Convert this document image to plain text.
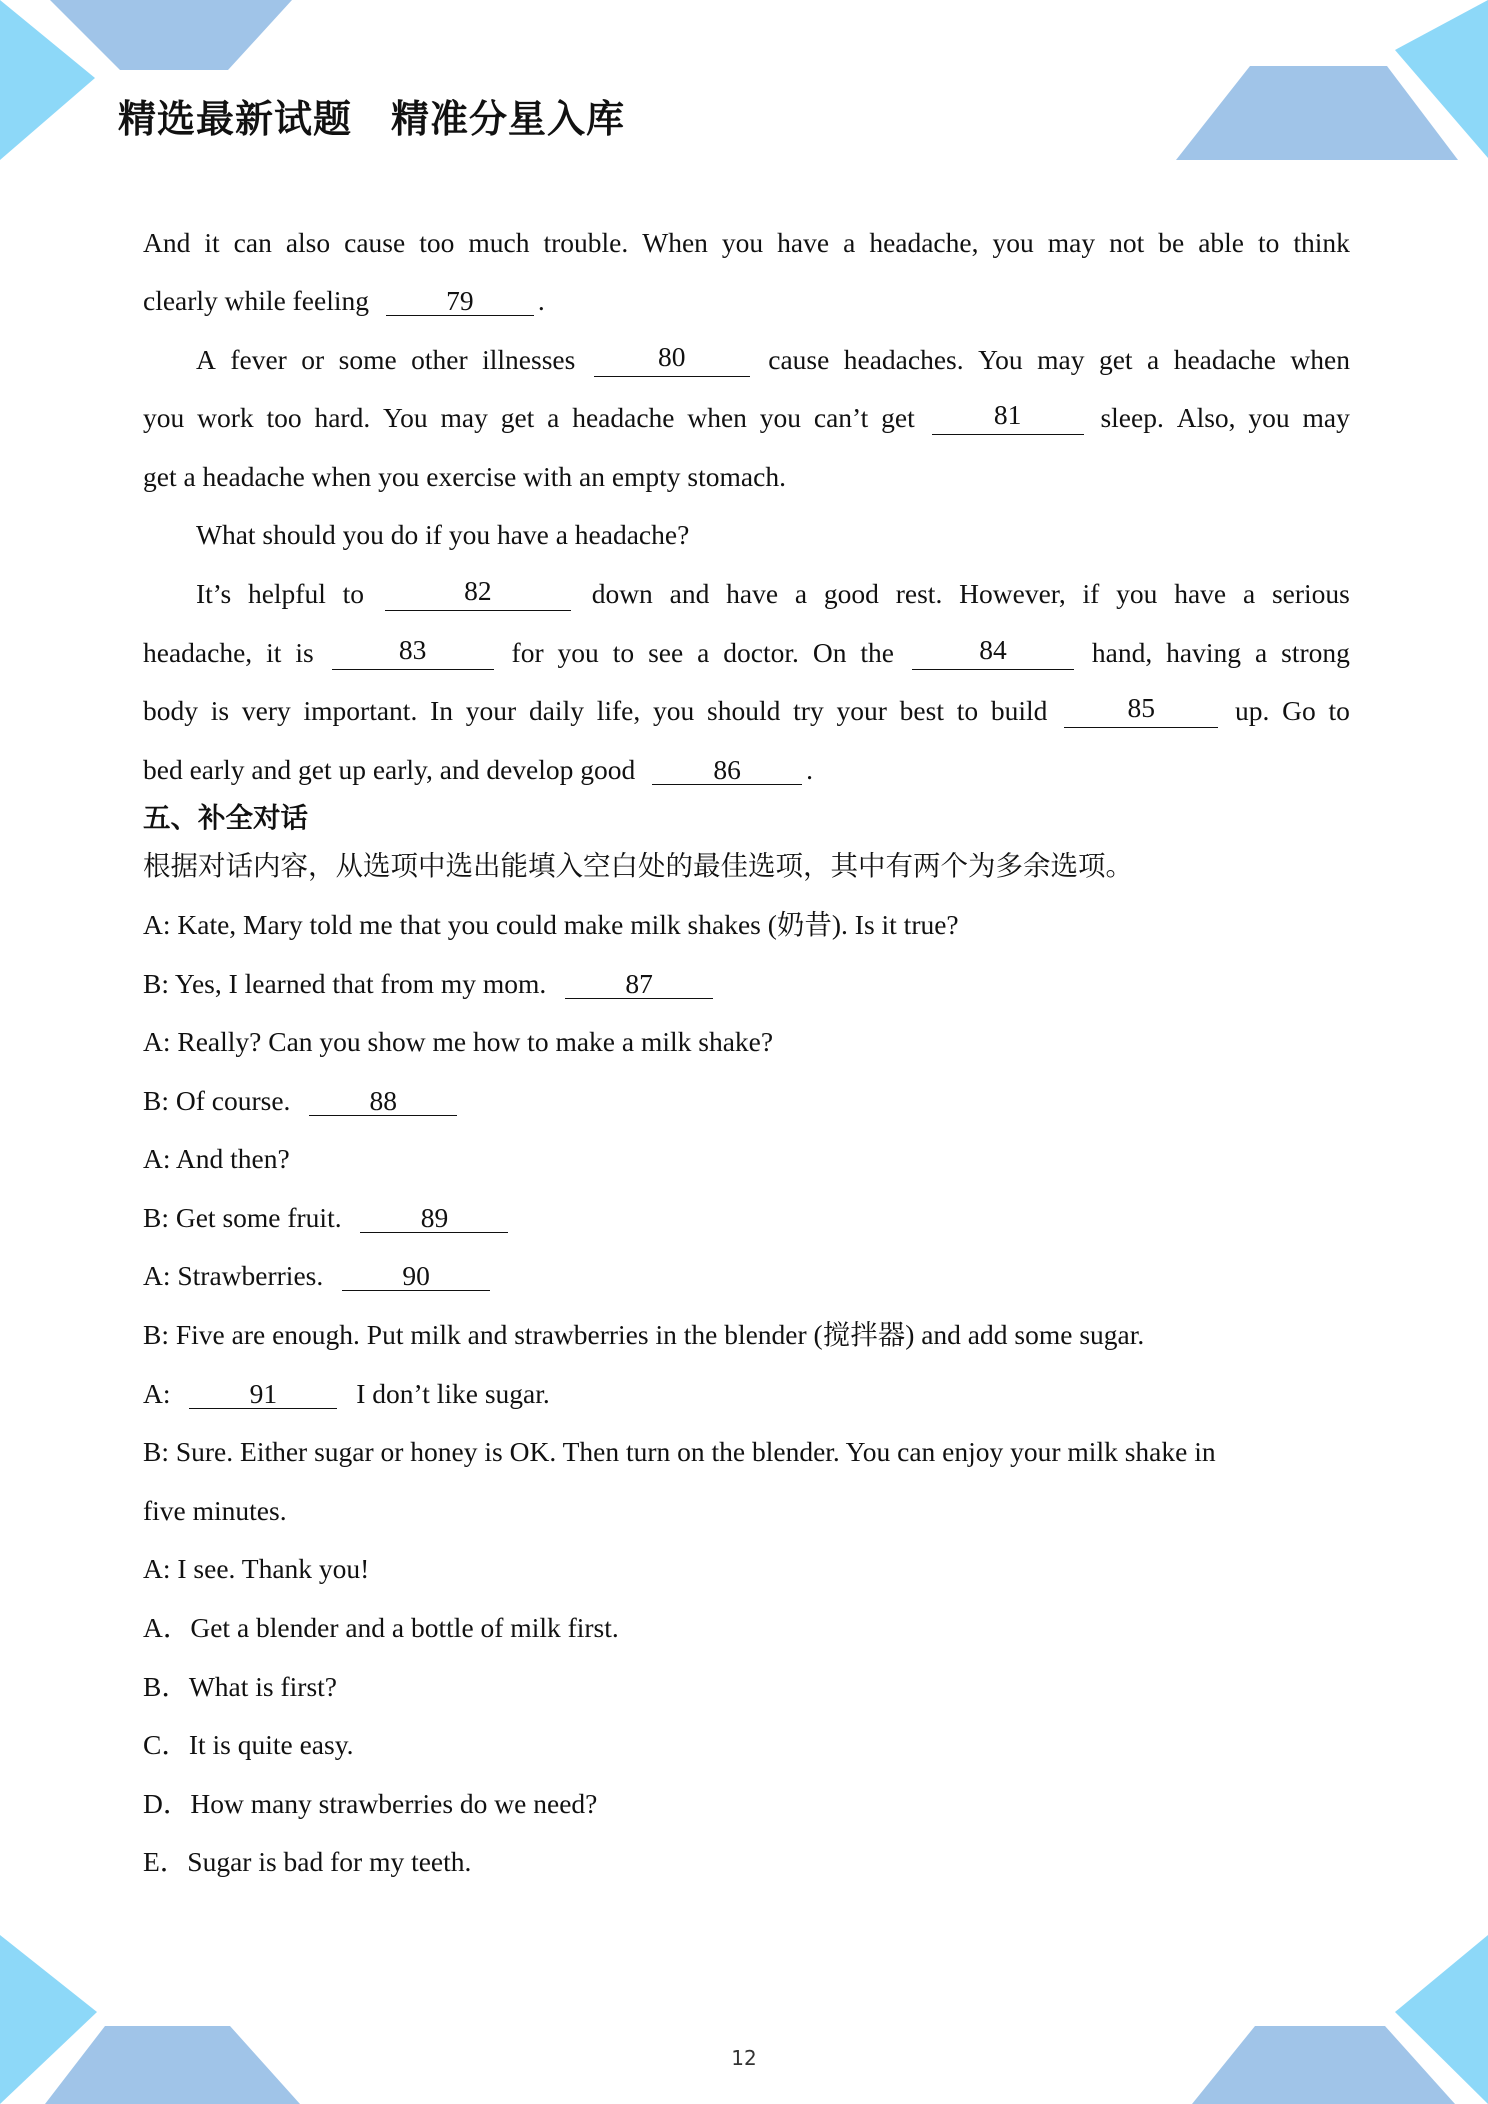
精选最新试题　精准分星入库
And it can also cause too much trouble. When you have a headache, you may not be able to think
clearly while feeling	79 .
A fever or some other illnesses	80	cause headaches. You may get a headache when
you work too hard. You may get a headache when you can’t get	81	sleep. Also, you may
get a headache when you exercise with an empty stomach.
What should you do if you have a headache?
It’s helpful to	82	down and have a good rest. However, if you have a serious
headache, it is	83	for you to see a doctor. On the	84	hand, having a strong
body is very important. In your daily life, you should try your best to build	85	up. Go to
bed early and get up early, and develop good	86 .
五、补全对话
根据对话内容，从选项中选出能填入空白处的最佳选项，其中有两个为多余选项。
A: Kate, Mary told me that you could make milk shakes (奶昔). Is it true?
B: Yes, I learned that from my mom.	87
A: Really? Can you show me how to make a milk shake?
B: Of course.	88
A: And then?
B: Get some fruit.	89
A: Strawberries.	90
B: Five are enough. Put milk and strawberries in the blender (搅拌器) and add some sugar.
A:	91	I don’t like sugar.
B: Sure. Either sugar or honey is OK. Then turn on the blender. You can enjoy your milk shake in
five minutes.
A: I see. Thank you!
A．Get a blender and a bottle of milk first.
B．What is first?
C．It is quite easy.
D．How many strawberries do we need?
E．Sugar is bad for my teeth.
12
